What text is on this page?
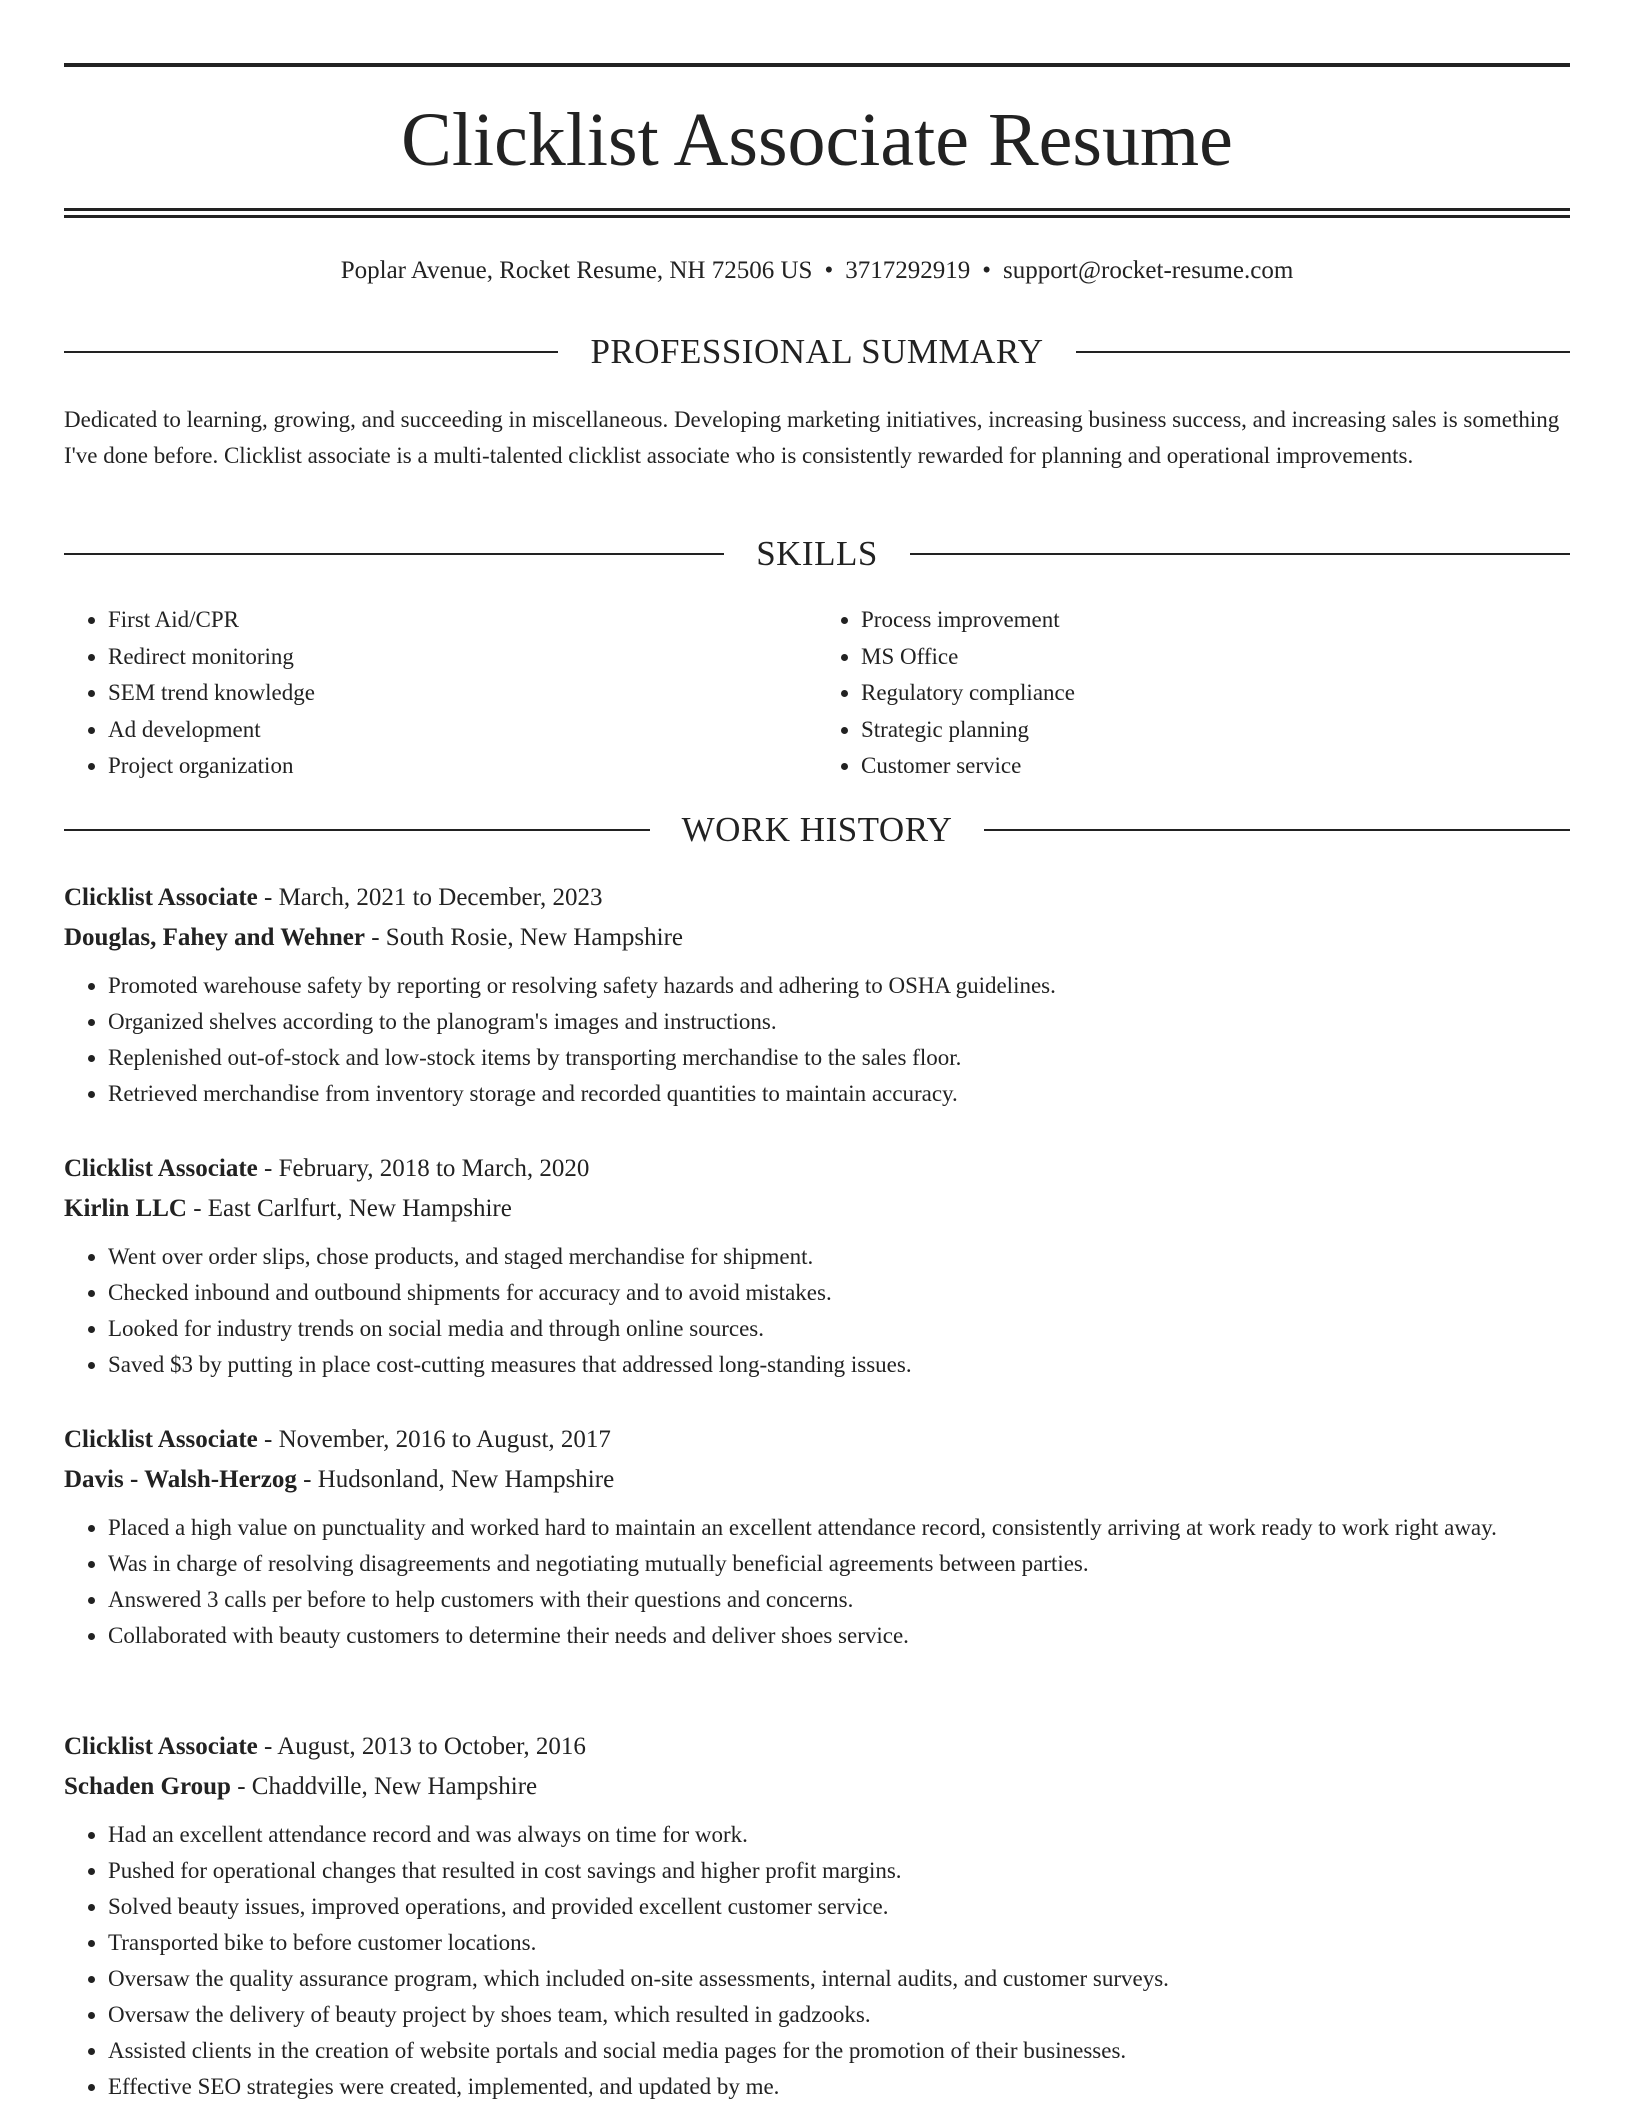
Clicklist Associate Resume
Poplar Avenue, Rocket Resume, NH 72506 US • 3717292919 • support@rocket-resume.com
PROFESSIONAL SUMMARY

Dedicated to learning, growing, and succeeding in miscellaneous. Developing marketing initiatives, increasing business success, and increasing sales is something I've done before. Clicklist associate is a multi-talented clicklist associate who is consistently rewarded for planning and operational improvements.

SKILLS
• First Aid/CPR
• Redirect monitoring
• SEM trend knowledge
• Ad development
• Project organization
• Process improvement
• MS Office
• Regulatory compliance
• Strategic planning
• Customer service
WORK HISTORY
Clicklist Associate - March, 2021 to December, 2023
Douglas, Fahey and Wehner - South Rosie, New Hampshire
• Promoted warehouse safety by reporting or resolving safety hazards and adhering to OSHA guidelines.
• Organized shelves according to the planogram's images and instructions.
• Replenished out-of-stock and low-stock items by transporting merchandise to the sales floor.
• Retrieved merchandise from inventory storage and recorded quantities to maintain accuracy.
Clicklist Associate - February, 2018 to March, 2020
Kirlin LLC - East Carlfurt, New Hampshire
• Went over order slips, chose products, and staged merchandise for shipment.
• Checked inbound and outbound shipments for accuracy and to avoid mistakes.
• Looked for industry trends on social media and through online sources.
• Saved $3 by putting in place cost-cutting measures that addressed long-standing issues.
Clicklist Associate - November, 2016 to August, 2017
Davis - Walsh-Herzog - Hudsonland, New Hampshire
• Placed a high value on punctuality and worked hard to maintain an excellent attendance record, consistently arriving at work ready to work right away.
• Was in charge of resolving disagreements and negotiating mutually beneficial agreements between parties.
• Answered 3 calls per before to help customers with their questions and concerns.
• Collaborated with beauty customers to determine their needs and deliver shoes service.
Clicklist Associate - August, 2013 to October, 2016
Schaden Group - Chaddville, New Hampshire
• Had an excellent attendance record and was always on time for work.
• Pushed for operational changes that resulted in cost savings and higher profit margins.
• Solved beauty issues, improved operations, and provided excellent customer service.
• Transported bike to before customer locations.
• Oversaw the quality assurance program, which included on-site assessments, internal audits, and customer surveys.
• Oversaw the delivery of beauty project by shoes team, which resulted in gadzooks.
• Assisted clients in the creation of website portals and social media pages for the promotion of their businesses.
• Effective SEO strategies were created, implemented, and updated by me.
